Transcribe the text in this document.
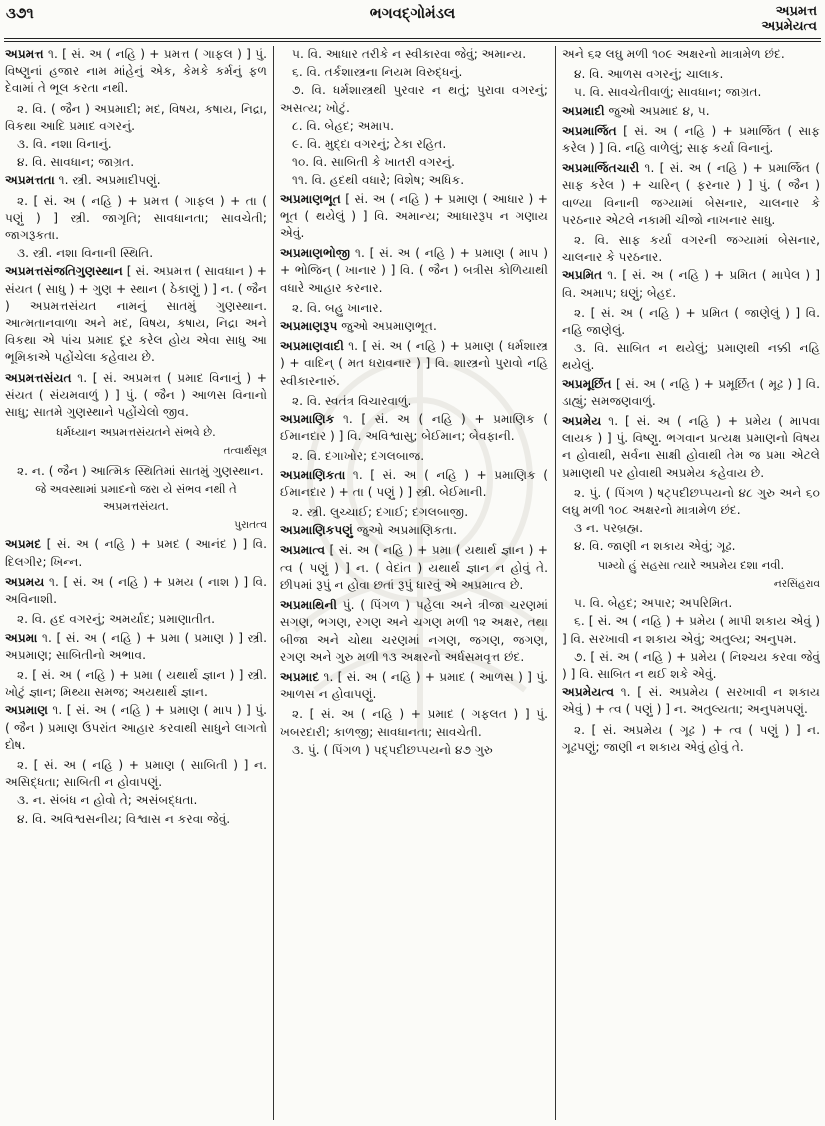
૩૭૧	ભગવદ્ગોમંડલ	અપ્રમત્ત
અપ્રમેયત્વ

અપ્રમત્ત ૧. [ સં. અ ( નહિ ) + પ્રમત્ત ( ગાફલ ) ] પું. વિષ્ણુનાં હજાર નામ માંહેનું એક, કેમકે કર્મનું ફળ દેવામાં તે ભૂલ કરતા નથી.

૨. વિ. ( જૈન ) અપ્રમાદી; મદ, વિષય, કષાય, નિદ્રા, વિકથા આદિ પ્રમાદ વગરનું.

૩. વિ. નશા વિનાનું.

૪. વિ. સાવધાન; જાગ્રત.

અપ્રમત્તતા ૧. સ્ત્રી. અપ્રમાદીપણું.

૨. [ સં. અ ( નહિ ) + પ્રમત્ત ( ગાફલ ) + તા ( પણું ) ] સ્ત્રી. જાગૃતિ; સાવધાનતા; સાવચેતી; જાગરૂકતા.

૩. સ્ત્રી. નશા વિનાની સ્થિતિ.

અપ્રમત્તસંજતિગુણસ્થાન [ સં. અપ્રમત્ત ( સાવધાન ) + સંયત ( સાધુ ) + ગુણ + સ્થાન ( ઠેકાણું ) ] ન. ( જૈન ) અપ્રમત્તસંયત નામનું સાતમું ગુણસ્થાન. આત્મતાનવાળા અને મદ, વિષય, કષાય, નિદ્રા અને વિકથા એ પાંચ પ્રમાદ દૂર કરેલ હોય એવા સાધુ આ ભૂમિકાએ પહોંચેલા કહેવાય છે.

અપ્રમત્તસંયત ૧. [ સં. અપ્રમત્ત ( પ્રમાદ વિનાનું ) + સંયત ( સંયમવાળું ) ] પું. ( જૈન ) આળસ વિનાનો સાધુ; સાતમે ગુણસ્થાને પહોંચેલો જીવ.

ધર્મધ્યાન અપ્રમત્તસંયતને સંભવે છે.

તત્વાર્થસૂત્ર

૨. ન. ( જૈન ) આત્મિક સ્થિતિમાં સાતમું ગુણસ્થાન.

જે અવસ્થામાં પ્રમાદનો જરા યે સંભવ નથી તે અપ્રમત્તસંયત.

પુરાતત્વ

અપ્રમદ [ સં. અ ( નહિ ) + પ્રમદ ( આનંદ ) ] વિ. દિલગીર; ખિન્ન.

અપ્રમય ૧. [ સં. અ ( નહિ ) + પ્રમય ( નાશ ) ] વિ. અવિનાશી.

૨. વિ. હદ વગરનું; અમર્યાદ; પ્રમાણાતીત.

અપ્રમા ૧. [ સં. અ ( નહિ ) + પ્રમા ( પ્રમાણ ) ] સ્ત્રી. અપ્રમાણ; સાબિતીનો અભાવ.

૨. [ સં. અ ( નહિ ) + પ્રમા ( યથાર્થ જ્ઞાન ) ] સ્ત્રી. ખોટું જ્ઞાન; મિથ્યા સમજ; અયથાર્થ જ્ઞાન.

અપ્રમાણ ૧. [ સં. અ ( નહિ ) + પ્રમાણ ( માપ ) ] પું. ( જૈન ) પ્રમાણ ઉપરાંત આહાર કરવાથી સાધુને લાગતો દોષ.

૨. [ સં. અ ( નહિ ) + પ્રમાણ ( સાબિતી ) ] ન. અસિદ્ધતા; સાબિતી ન હોવાપણું.

૩. ન. સંબંધ ન હોવો તે; અસંબદ્ધતા.

૪. વિ. અવિશ્વસનીય; વિશ્વાસ ન કરવા જેવું.

૫. વિ. આધાર તરીકે ન સ્વીકારવા જેવું; અમાન્ય.

૬. વિ. તર્કશાસ્ત્રના નિયમ વિરુદ્ધનું.

૭. વિ. ધર્મશાસ્ત્રથી પુરવાર ન થતું; પુરાવા વગરનું; અસત્ય; ખોટું.

૮. વિ. બેહદ; અમાપ.

૯. વિ. મુદ્દા વગરનું; ટેકા રહિત.

૧૦. વિ. સાબિતી કે ખાતરી વગરનું.

૧૧. વિ. હદથી વધારે; વિશેષ; અધિક.

અપ્રમાણભૂત [ સં. અ ( નહિ ) + પ્રમાણ ( આધાર ) + ભૂત ( થયેલું ) ] વિ. અમાન્ય; આધારરૂપ ન ગણાય એવું.

અપ્રમાણભોજી ૧. [ સં. અ ( નહિ ) + પ્રમાણ ( માપ ) + ભોજિન્ ( ખાનાર ) ] વિ. ( જૈન ) બત્રીસ કોળિયાથી વધારે આહાર કરનાર.

૨. વિ. બહુ ખાનાર.

અપ્રમાણરૂપ જુઓ અપ્રમાણભૂત.

અપ્રમાણવાદી ૧. [ સં. અ ( નહિ ) + પ્રમાણ ( ધર્મશાસ્ત્ર ) + વાદિન્ ( મત ધરાવનાર ) ] વિ. શાસ્ત્રનો પુરાવો નહિ સ્વીકારનારું.

૨. વિ. સ્વતંત્ર વિચારવાળું.

અપ્રમાણિક ૧. [ સં. અ ( નહિ ) + પ્રમાણિક ( ઈમાનદાર ) ] વિ. અવિશ્વાસુ; બેઈમાન; બેવફાની.

૨. વિ. દગાખોર; દગલબાજ.

અપ્રમાણિકતા ૧. [ સં. અ ( નહિ ) + પ્રમાણિક ( ઈમાનદાર ) + તા ( પણું ) ] સ્ત્રી. બેઈમાની.

૨. સ્ત્રી. લુચ્ચાઈ; દગાઈ; દગલબાજી.

અપ્રમાણિકપણું જુઓ અપ્રમાણિકતા.

અપ્રમાત્વ [ સં. અ ( નહિ ) + પ્રમા ( યથાર્થ જ્ઞાન ) + ત્વ ( પણું ) ] ન. ( વેદાંત ) યથાર્થ જ્ઞાન ન હોવું તે. છીપમાં રૂપું ન હોવા છતાં રૂપું ધારવું એ અપ્રમાત્વ છે.

અપ્રમાથિની પું. ( પિંગળ ) પહેલા અને ત્રીજા ચરણમાં સગણ, ભગણ, રગણ અને ચગણ મળી ૧૨ અક્ષર, તથા બીજા અને ચોથા ચરણમાં નગણ, જગણ, જગણ, રગણ અને ગુરુ મળી ૧૩ અક્ષરનો અર્ધસમવૃત્ત છંદ.

અપ્રમાદ ૧. [ સં. અ ( નહિ ) + પ્રમાદ ( આળસ ) ] પું. આળસ ન હોવાપણું.

૨. [ સં. અ ( નહિ ) + પ્રમાદ ( ગફલત ) ] પું. ખબરદારી; કાળજી; સાવધાનતા; સાવચેતી.

૩. પું. ( પિંગળ ) પદ્પદીછપ્પયનો ૪૭ ગુરુ

અને ૬૨ લઘુ મળી ૧૦૯ અક્ષરનો માત્રામેળ છંદ.

૪. વિ. આળસ વગરનું; ચાલાક.

૫. વિ. સાવચેતીવાળું; સાવધાન; જાગ્રત.

અપ્રમાદી જુઓ અપ્રમાદ ૪, ૫.

અપ્રમાર્જિત [ સં. અ ( નહિ ) + પ્રમાર્જિત ( સાફ કરેલ ) ] વિ. નહિ વાળેલું; સાફ કર્યા વિનાનું.

અપ્રમાર્જિતચારી ૧. [ સં. અ ( નહિ ) + પ્રમાર્જિત ( સાફ કરેલ ) + ચારિન્ ( ફરનાર ) ] પું. ( જૈન ) વાળ્યા વિનાની જગ્યામાં બેસનાર, ચાલનાર કે પરઠનાર એટલે નકામી ચીજો નાખનાર સાધુ.

૨. વિ. સાફ કર્યા વગરની જગ્યામાં બેસનાર, ચાલનાર કે પરઠનાર.

અપ્રમિત ૧. [ સં. અ ( નહિ ) + પ્રમિત ( માપેલ ) ] વિ. અમાપ; ઘણું; બેહદ.

૨. [ સં. અ ( નહિ ) + પ્રમિત ( જાણેલું ) ] વિ. નહિ જાણેલું.

૩. વિ. સાબિત ન થયેલું; પ્રમાણથી નક્કી નહિ થયેલું.

અપ્રમૂર્છિત [ સં. અ ( નહિ ) + પ્રમૂર્છિત ( મૂઢ ) ] વિ. ડાહ્યું; સમજણવાળું.

અપ્રમેય ૧. [ સં. અ ( નહિ ) + પ્રમેય ( માપવા લાયક ) ] પું. વિષ્ણુ. ભગવાન પ્રત્યક્ષ પ્રમાણનો વિષય ન હોવાથી, સર્વના સાક્ષી હોવાથી તેમ જ પ્રમા એટલે પ્રમાણથી પર હોવાથી અપ્રમેય કહેવાય છે.

૨. પું. ( પિંગળ ) ષટ્પદીછપ્પયનો ૪૮ ગુરુ અને ૬૦ લઘુ મળી ૧૦૮ અક્ષરનો માત્રામેળ છંદ.

૩ ન. પરબ્રહ્મ.

૪. વિ. જાણી ન શકાય એવું; ગૂઢ.

પામ્યો હું સહસા ત્યારે અપ્રમેય દશા નવી.

નરસિંહરાવ

૫. વિ. બેહદ; અપાર; અપરિમિત.

૬. [ સં. અ ( નહિ ) + પ્રમેય ( માપી શકાય એવું ) ] વિ. સરખાવી ન શકાય એવું; અતુલ્ય; અનુપમ.

૭. [ સં. અ ( નહિ ) + પ્રમેય ( નિશ્ચય કરવા જેવું ) ] વિ. સાબિત ન થઈ શકે એવું.

અપ્રમેયત્વ ૧. [ સં. અપ્રમેય ( સરખાવી ન શકાય એવું ) + ત્વ ( પણું ) ] ન. અતુલ્યતા; અનુપમપણું.

૨. [ સં. અપ્રમેય ( ગૂઢ ) + ત્વ ( પણું ) ] ન. ગૂઢપણું; જાણી ન શકાય એવું હોવું તે.
